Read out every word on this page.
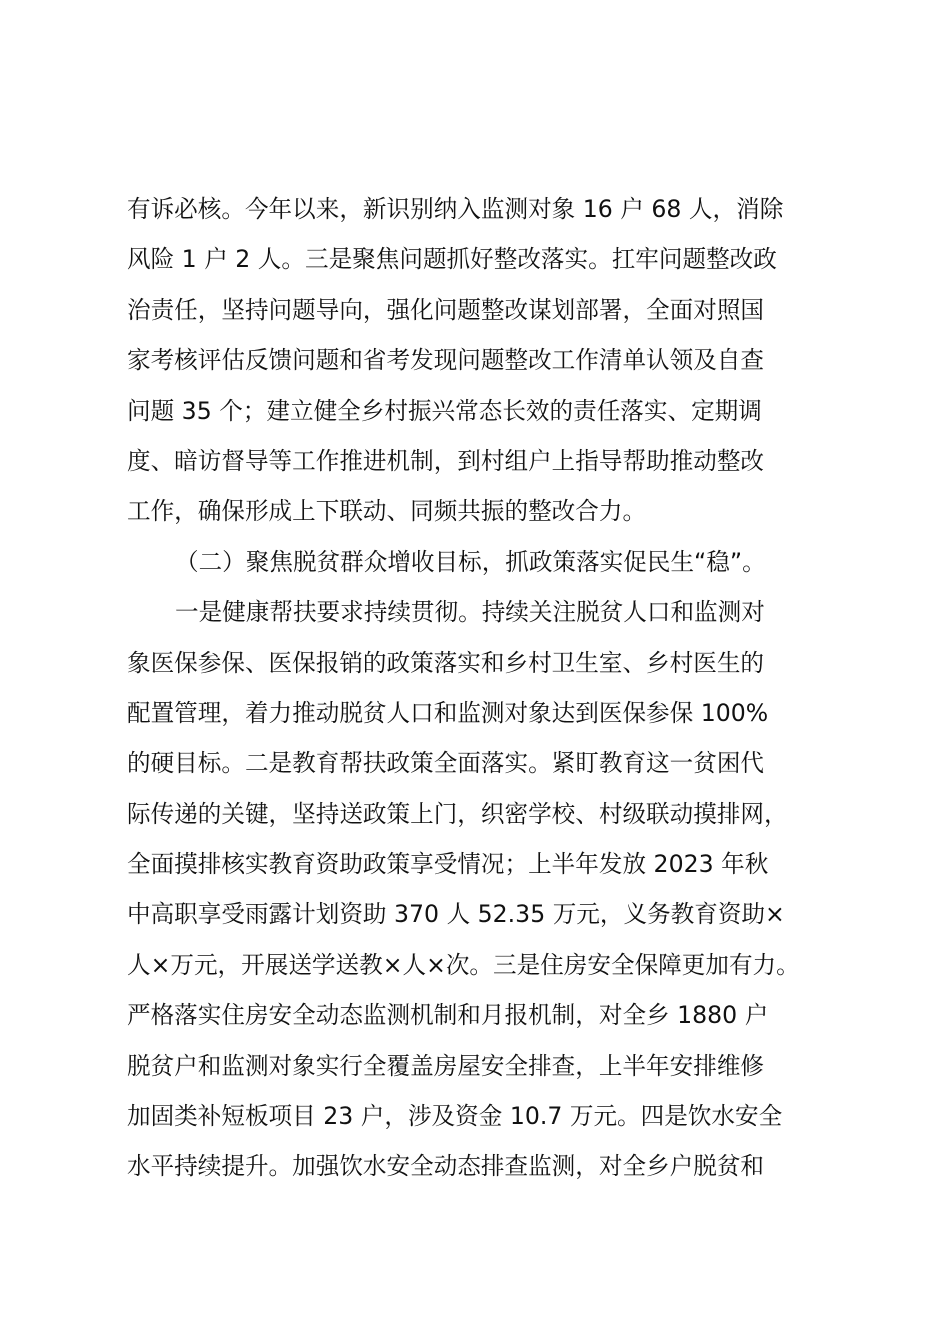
有诉必核。今年以来，新识别纳入监测对象 16 户 68 人，消除
风险 1 户 2 人。三是聚焦问题抓好整改落实。扛牢问题整改政
治责任，坚持问题导向，强化问题整改谋划部署，全面对照国
家考核评估反馈问题和省考发现问题整改工作清单认领及自查
问题 35 个；建立健全乡村振兴常态长效的责任落实、定期调
度、暗访督导等工作推进机制，到村组户上指导帮助推动整改
工作，确保形成上下联动、同频共振的整改合力。
（二）聚焦脱贫群众增收目标，抓政策落实促民生“稳”。
一是健康帮扶要求持续贯彻。持续关注脱贫人口和监测对
象医保参保、医保报销的政策落实和乡村卫生室、乡村医生的
配置管理，着力推动脱贫人口和监测对象达到医保参保 100%
的硬目标。二是教育帮扶政策全面落实。紧盯教育这一贫困代
际传递的关键，坚持送政策上门，织密学校、村级联动摸排网，
全面摸排核实教育资助政策享受情况；上半年发放 2023 年秋
中高职享受雨露计划资助 370 人 52.35 万元，义务教育资助×
人×万元，开展送学送教×人×次。三是住房安全保障更加有力。
严格落实住房安全动态监测机制和月报机制，对全乡 1880 户
脱贫户和监测对象实行全覆盖房屋安全排查，上半年安排维修
加固类补短板项目 23 户，涉及资金 10.7 万元。四是饮水安全
水平持续提升。加强饮水安全动态排查监测，对全乡户脱贫和
